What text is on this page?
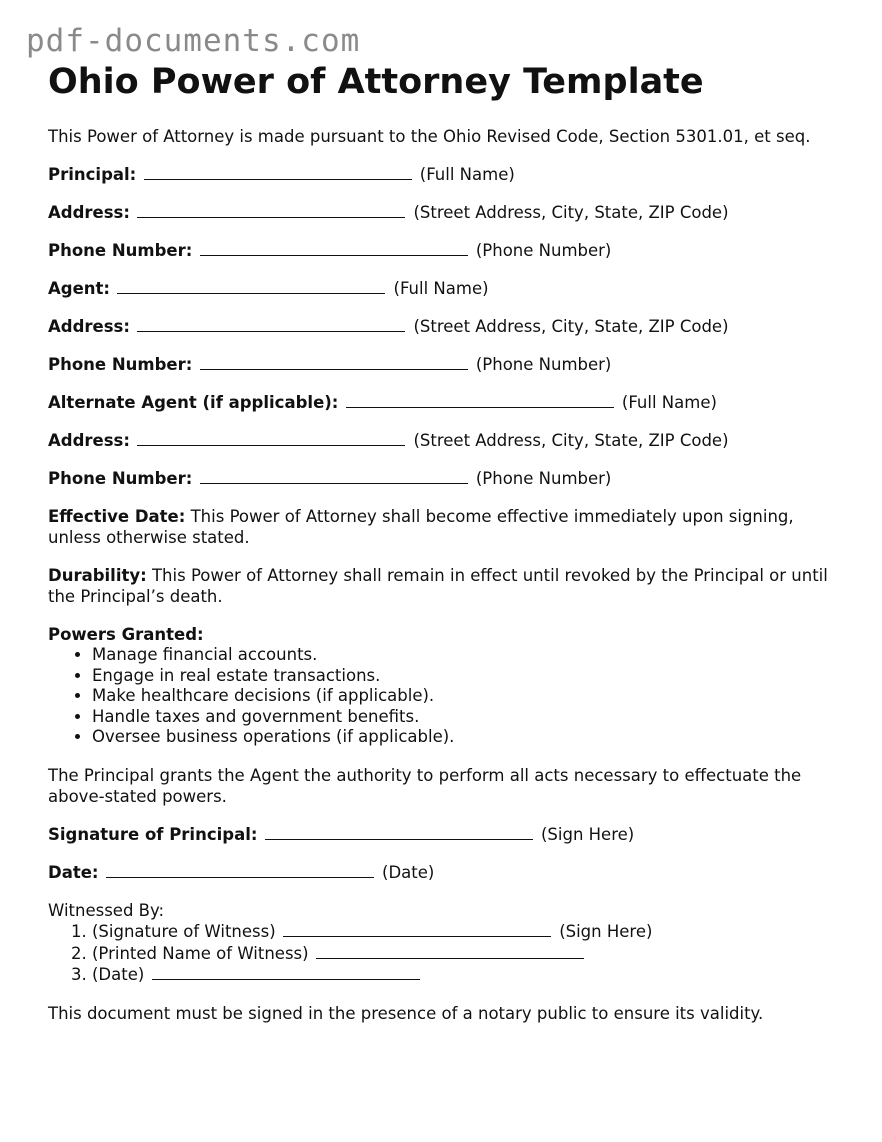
pdf-documents.com
Ohio Power of Attorney Template

This Power of Attorney is made pursuant to the Ohio Revised Code, Section 5301.01, et seq.

Principal:	(Full Name)
Address:	(Street Address, City, State, ZIP Code)
Phone Number:	(Phone Number)
Agent:	(Full Name)
Address:	(Street Address, City, State, ZIP Code)
Phone Number:	(Phone Number)
Alternate Agent (if applicable):	(Full Name)
Address:	(Street Address, City, State, ZIP Code)
Phone Number:	(Phone Number)

Effective Date: This Power of Attorney shall become effective immediately upon signing, unless otherwise stated.

Durability: This Power of Attorney shall remain in effect until revoked by the Principal or until the Principal’s death.

Powers Granted:

• Manage financial accounts.
• Engage in real estate transactions.
• Make healthcare decisions (if applicable).
• Handle taxes and government benefits.
• Oversee business operations (if applicable).

The Principal grants the Agent the authority to perform all acts necessary to effectuate the above-stated powers.

Signature of Principal:	(Sign Here)
Date:	(Date)

Witnessed By:

1. (Signature of Witness)	(Sign Here)
2. (Printed Name of Witness)
3. (Date)

This document must be signed in the presence of a notary public to ensure its validity.
